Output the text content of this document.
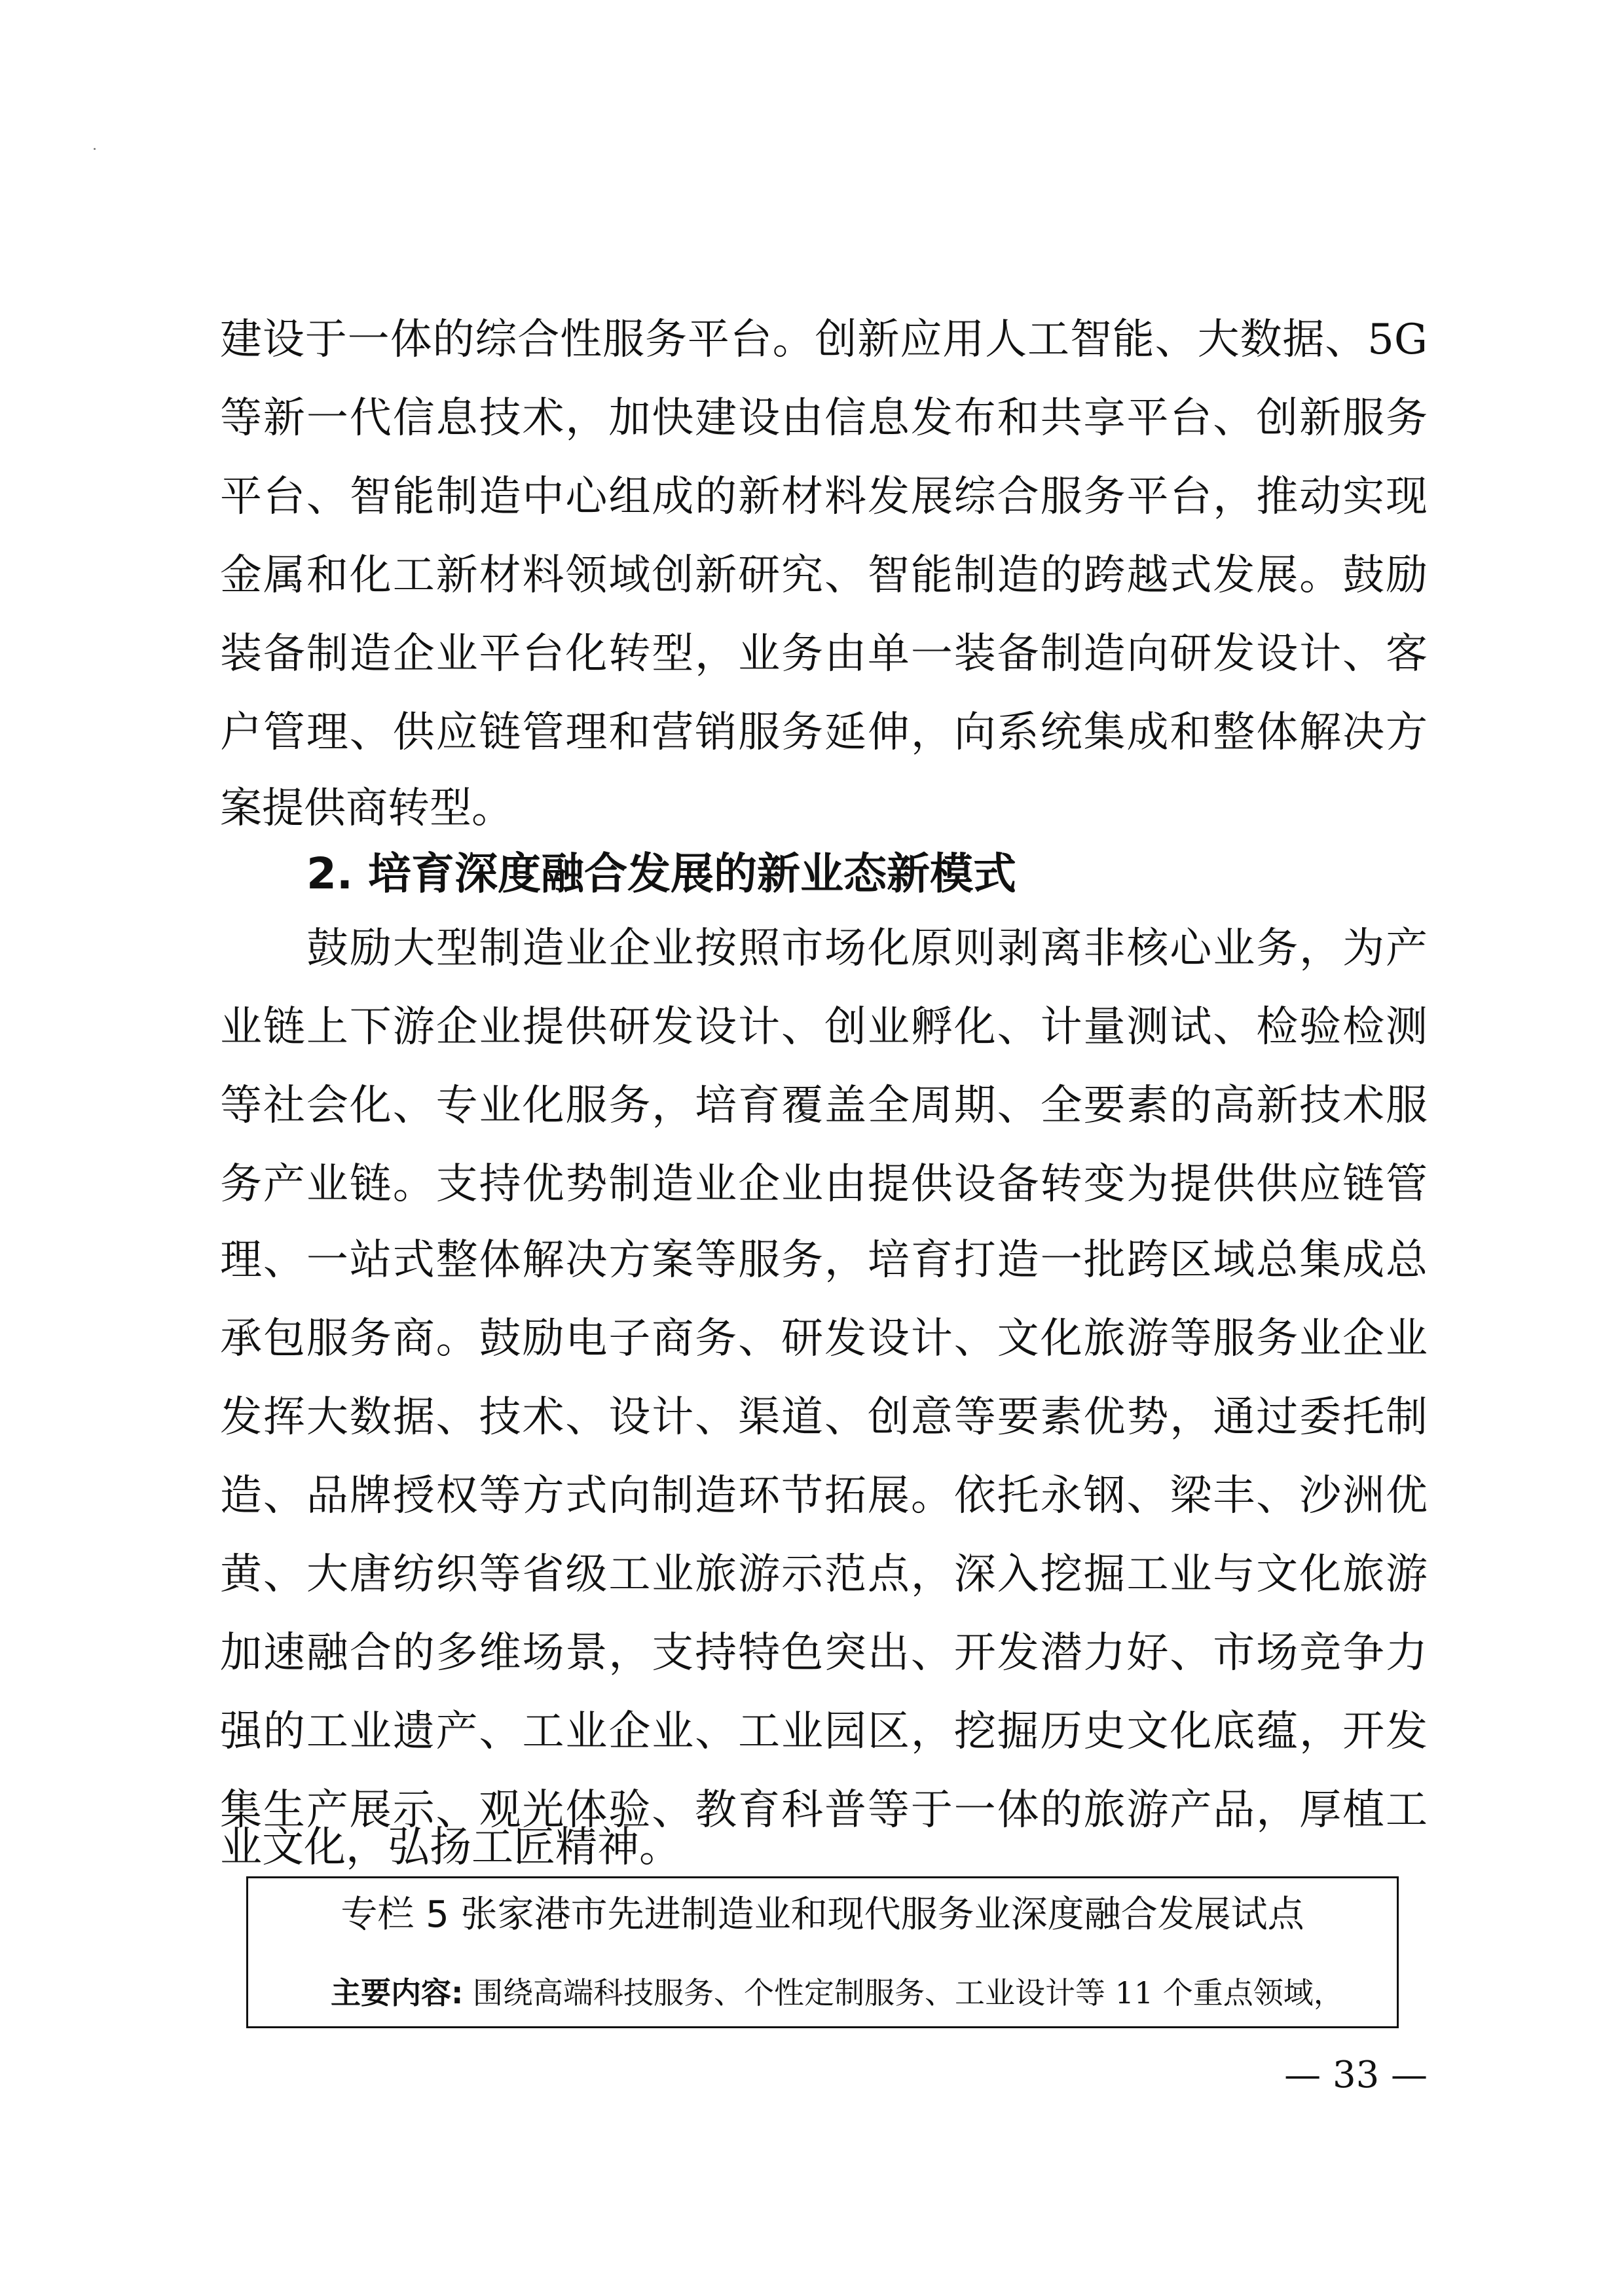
建设于一体的综合性服务平台。创新应用人工智能、大数据、5G
等新一代信息技术，加快建设由信息发布和共享平台、创新服务
平台、智能制造中心组成的新材料发展综合服务平台，推动实现
金属和化工新材料领域创新研究、智能制造的跨越式发展。鼓励
装备制造企业平台化转型，业务由单一装备制造向研发设计、客
户管理、供应链管理和营销服务延伸，向系统集成和整体解决方
案提供商转型。
2. 培育深度融合发展的新业态新模式
鼓励大型制造业企业按照市场化原则剥离非核心业务，为产
业链上下游企业提供研发设计、创业孵化、计量测试、检验检测
等社会化、专业化服务，培育覆盖全周期、全要素的高新技术服
务产业链。支持优势制造业企业由提供设备转变为提供供应链管
理、一站式整体解决方案等服务，培育打造一批跨区域总集成总
承包服务商。鼓励电子商务、研发设计、文化旅游等服务业企业
发挥大数据、技术、设计、渠道、创意等要素优势，通过委托制
造、品牌授权等方式向制造环节拓展。依托永钢、梁丰、沙洲优
黄、大唐纺织等省级工业旅游示范点，深入挖掘工业与文化旅游
加速融合的多维场景，支持特色突出、开发潜力好、市场竞争力
强的工业遗产、工业企业、工业园区，挖掘历史文化底蕴，开发
集生产展示、观光体验、教育科普等于一体的旅游产品，厚植工
业文化，弘扬工匠精神。
专栏 5 张家港市先进制造业和现代服务业深度融合发展试点
主要内容: 围绕高端科技服务、个性定制服务、工业设计等 11 个重点领域，
— 33 —
